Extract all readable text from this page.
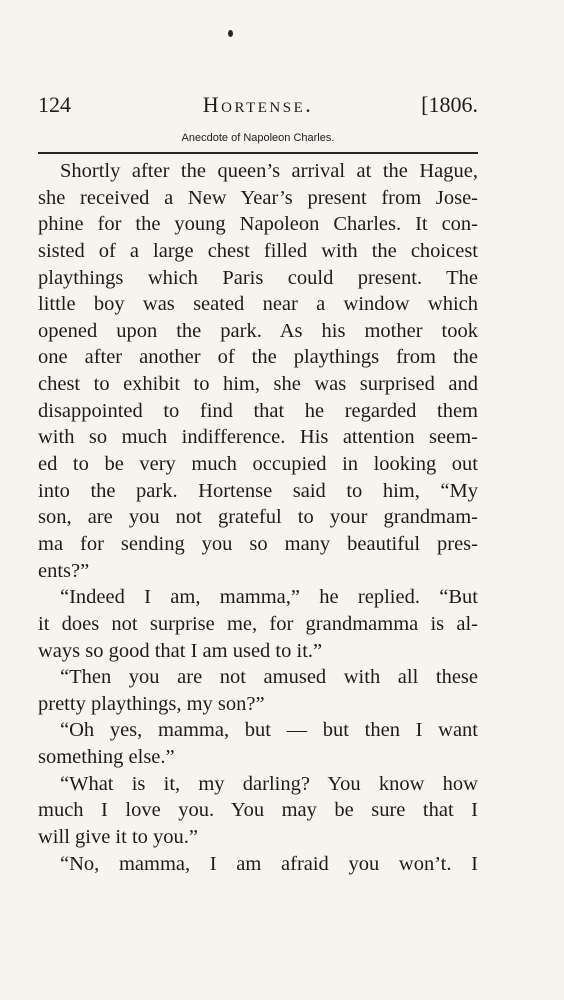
124	Hortense.	[1806.
Anecdote of Napoleon Charles.
Shortly after the queen’s arrival at the Hague,
she received a New Year’s present from Jose-
phine for the young Napoleon Charles. It con-
sisted of a large chest filled with the choicest
playthings which Paris could present. The
little boy was seated near a window which
opened upon the park. As his mother took
one after another of the playthings from the
chest to exhibit to him, she was surprised and
disappointed to find that he regarded them
with so much indifference. His attention seem-
ed to be very much occupied in looking out
into the park. Hortense said to him, “My
son, are you not grateful to your grandmam-
ma for sending you so many beautiful pres-
ents?”
“Indeed I am, mamma,” he replied. “But
it does not surprise me, for grandmamma is al-
ways so good that I am used to it.”
“Then you are not amused with all these
pretty playthings, my son?”
“Oh yes, mamma, but — but then I want
something else.”
“What is it, my darling? You know how
much I love you. You may be sure that I
will give it to you.”
“No, mamma, I am afraid you won’t. I
